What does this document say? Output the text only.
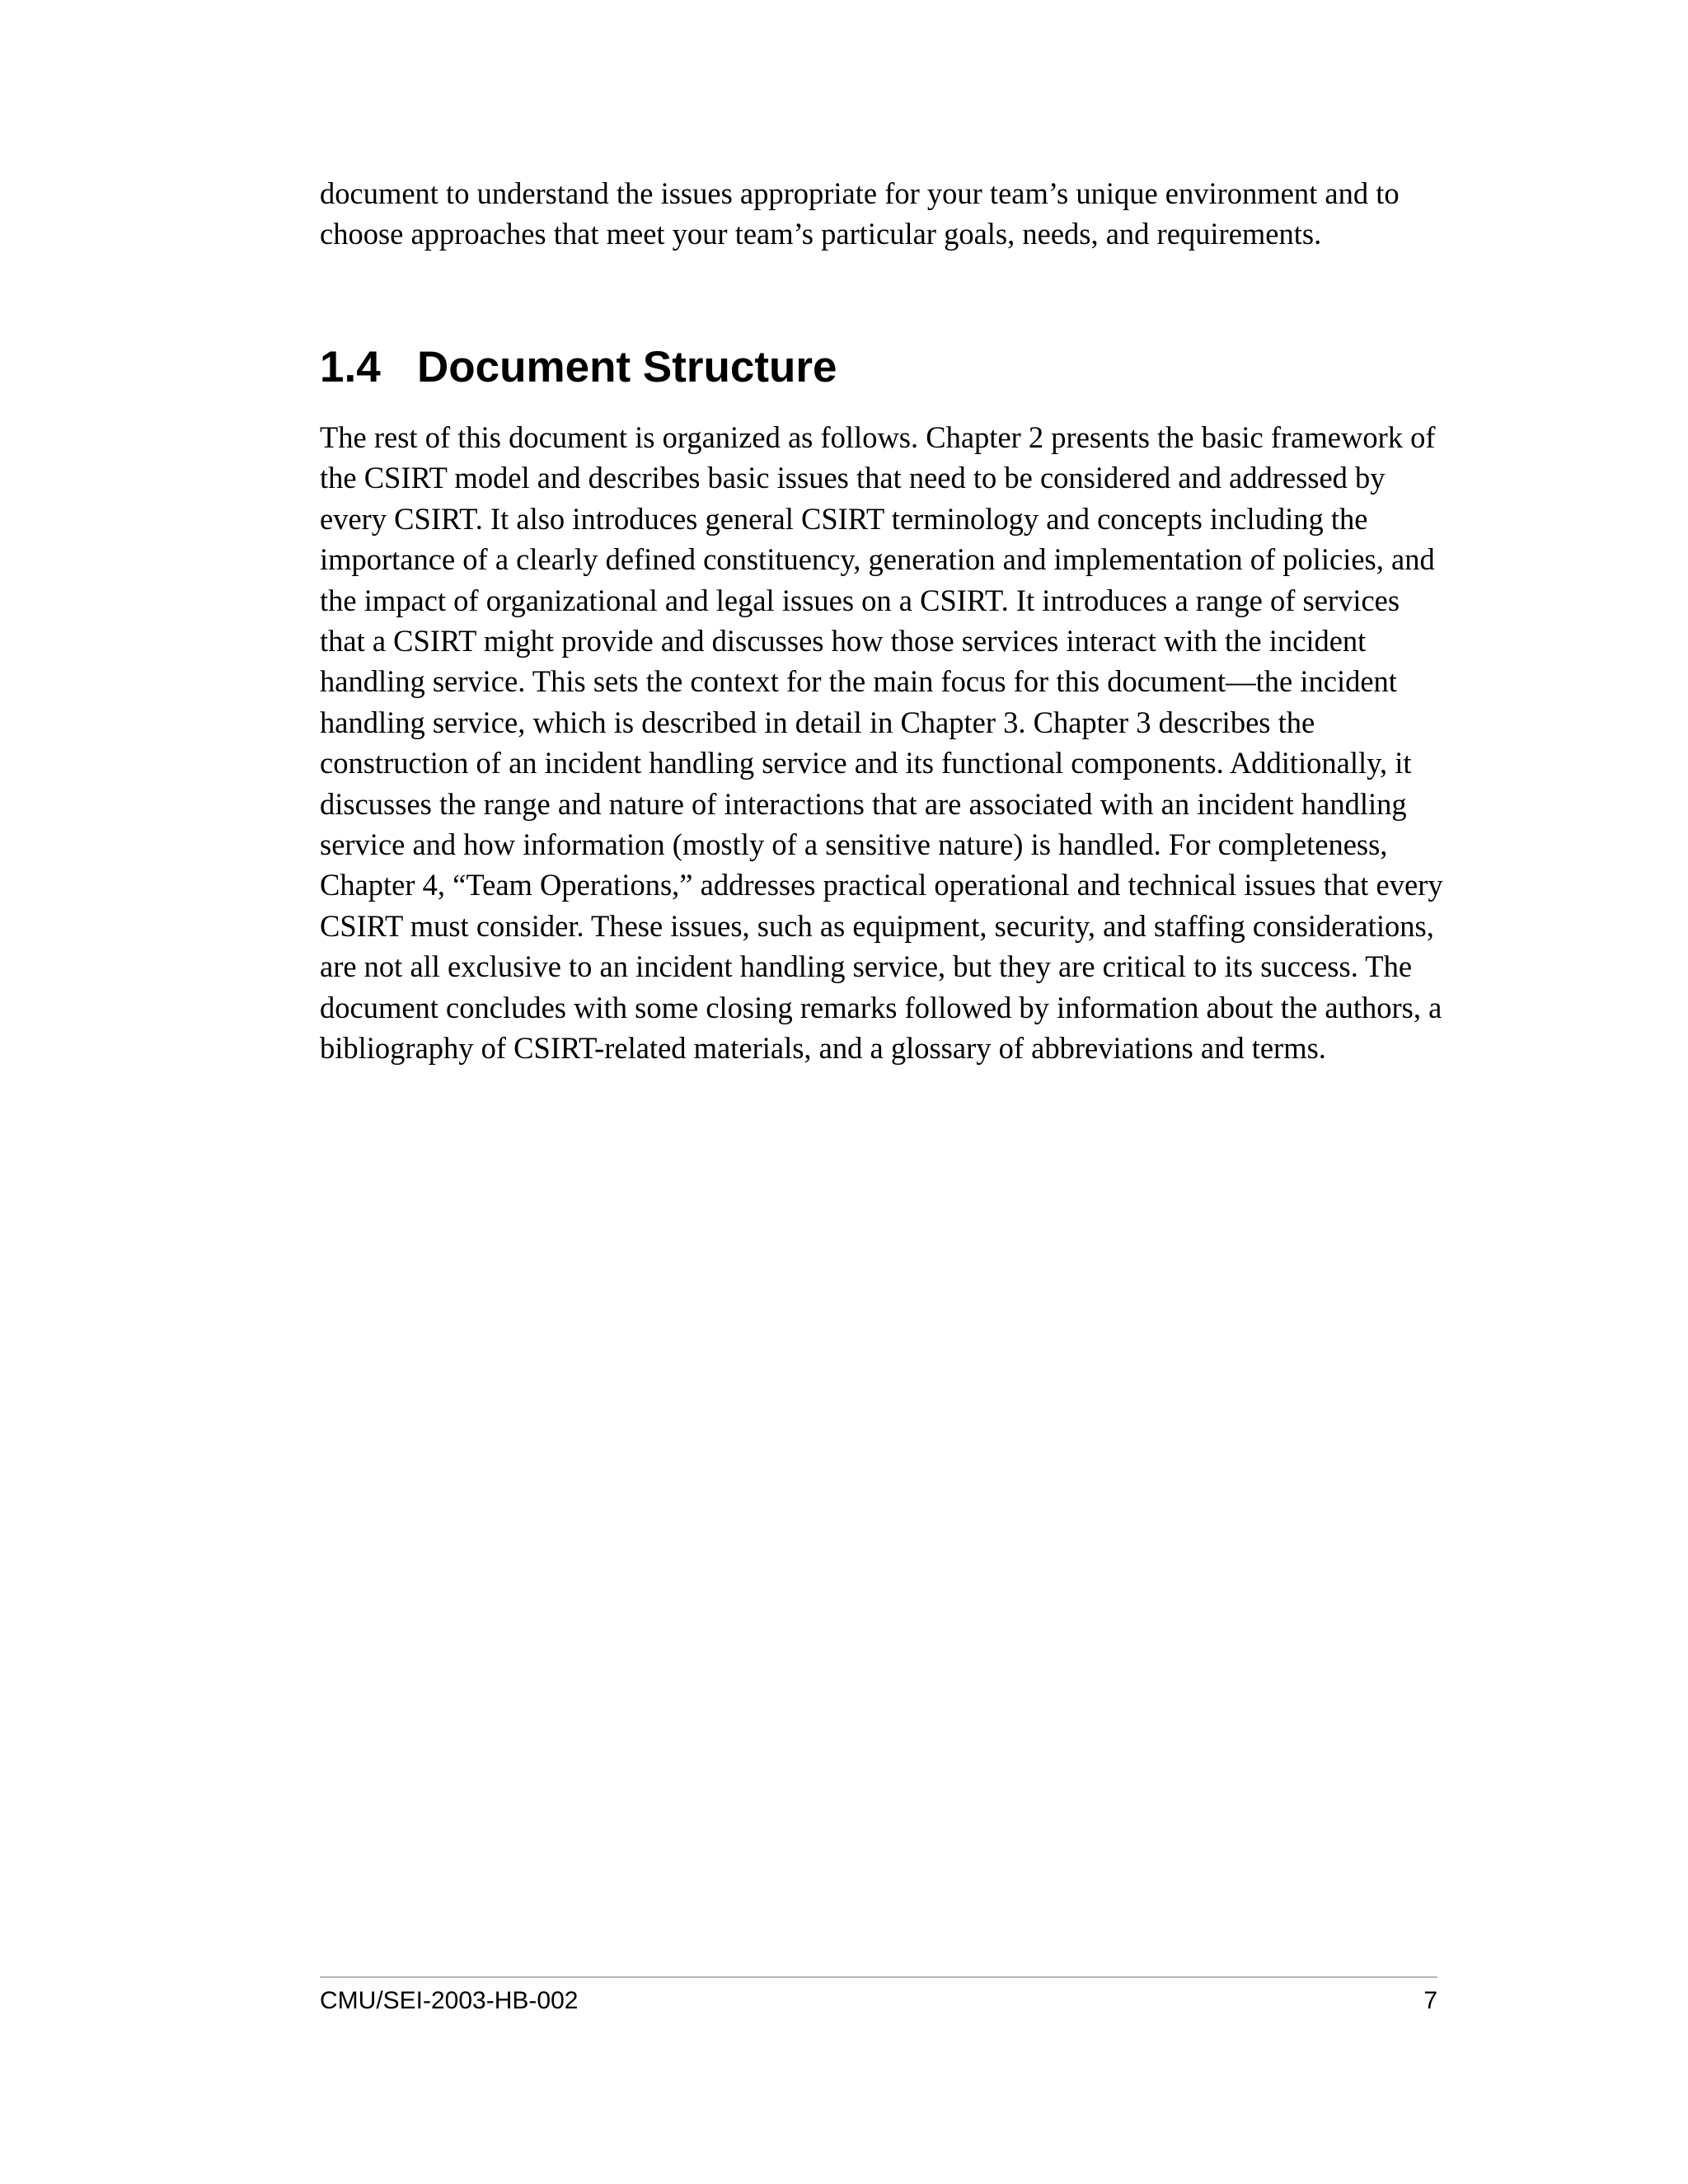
document to understand the issues appropriate for your team’s unique environment and to
choose approaches that meet your team’s particular goals, needs, and requirements.

1.4 Document Structure

The rest of this document is organized as follows. Chapter 2 presents the basic framework of
the CSIRT model and describes basic issues that need to be considered and addressed by
every CSIRT. It also introduces general CSIRT terminology and concepts including the
importance of a clearly defined constituency, generation and implementation of policies, and
the impact of organizational and legal issues on a CSIRT. It introduces a range of services
that a CSIRT might provide and discusses how those services interact with the incident
handling service. This sets the context for the main focus for this document—the incident
handling service, which is described in detail in Chapter 3. Chapter 3 describes the
construction of an incident handling service and its functional components. Additionally, it
discusses the range and nature of interactions that are associated with an incident handling
service and how information (mostly of a sensitive nature) is handled. For completeness,
Chapter 4, “Team Operations,” addresses practical operational and technical issues that every
CSIRT must consider. These issues, such as equipment, security, and staffing considerations,
are not all exclusive to an incident handling service, but they are critical to its success. The
document concludes with some closing remarks followed by information about the authors, a
bibliography of CSIRT-related materials, and a glossary of abbreviations and terms.

CMU/SEI-2003-HB-002	7
